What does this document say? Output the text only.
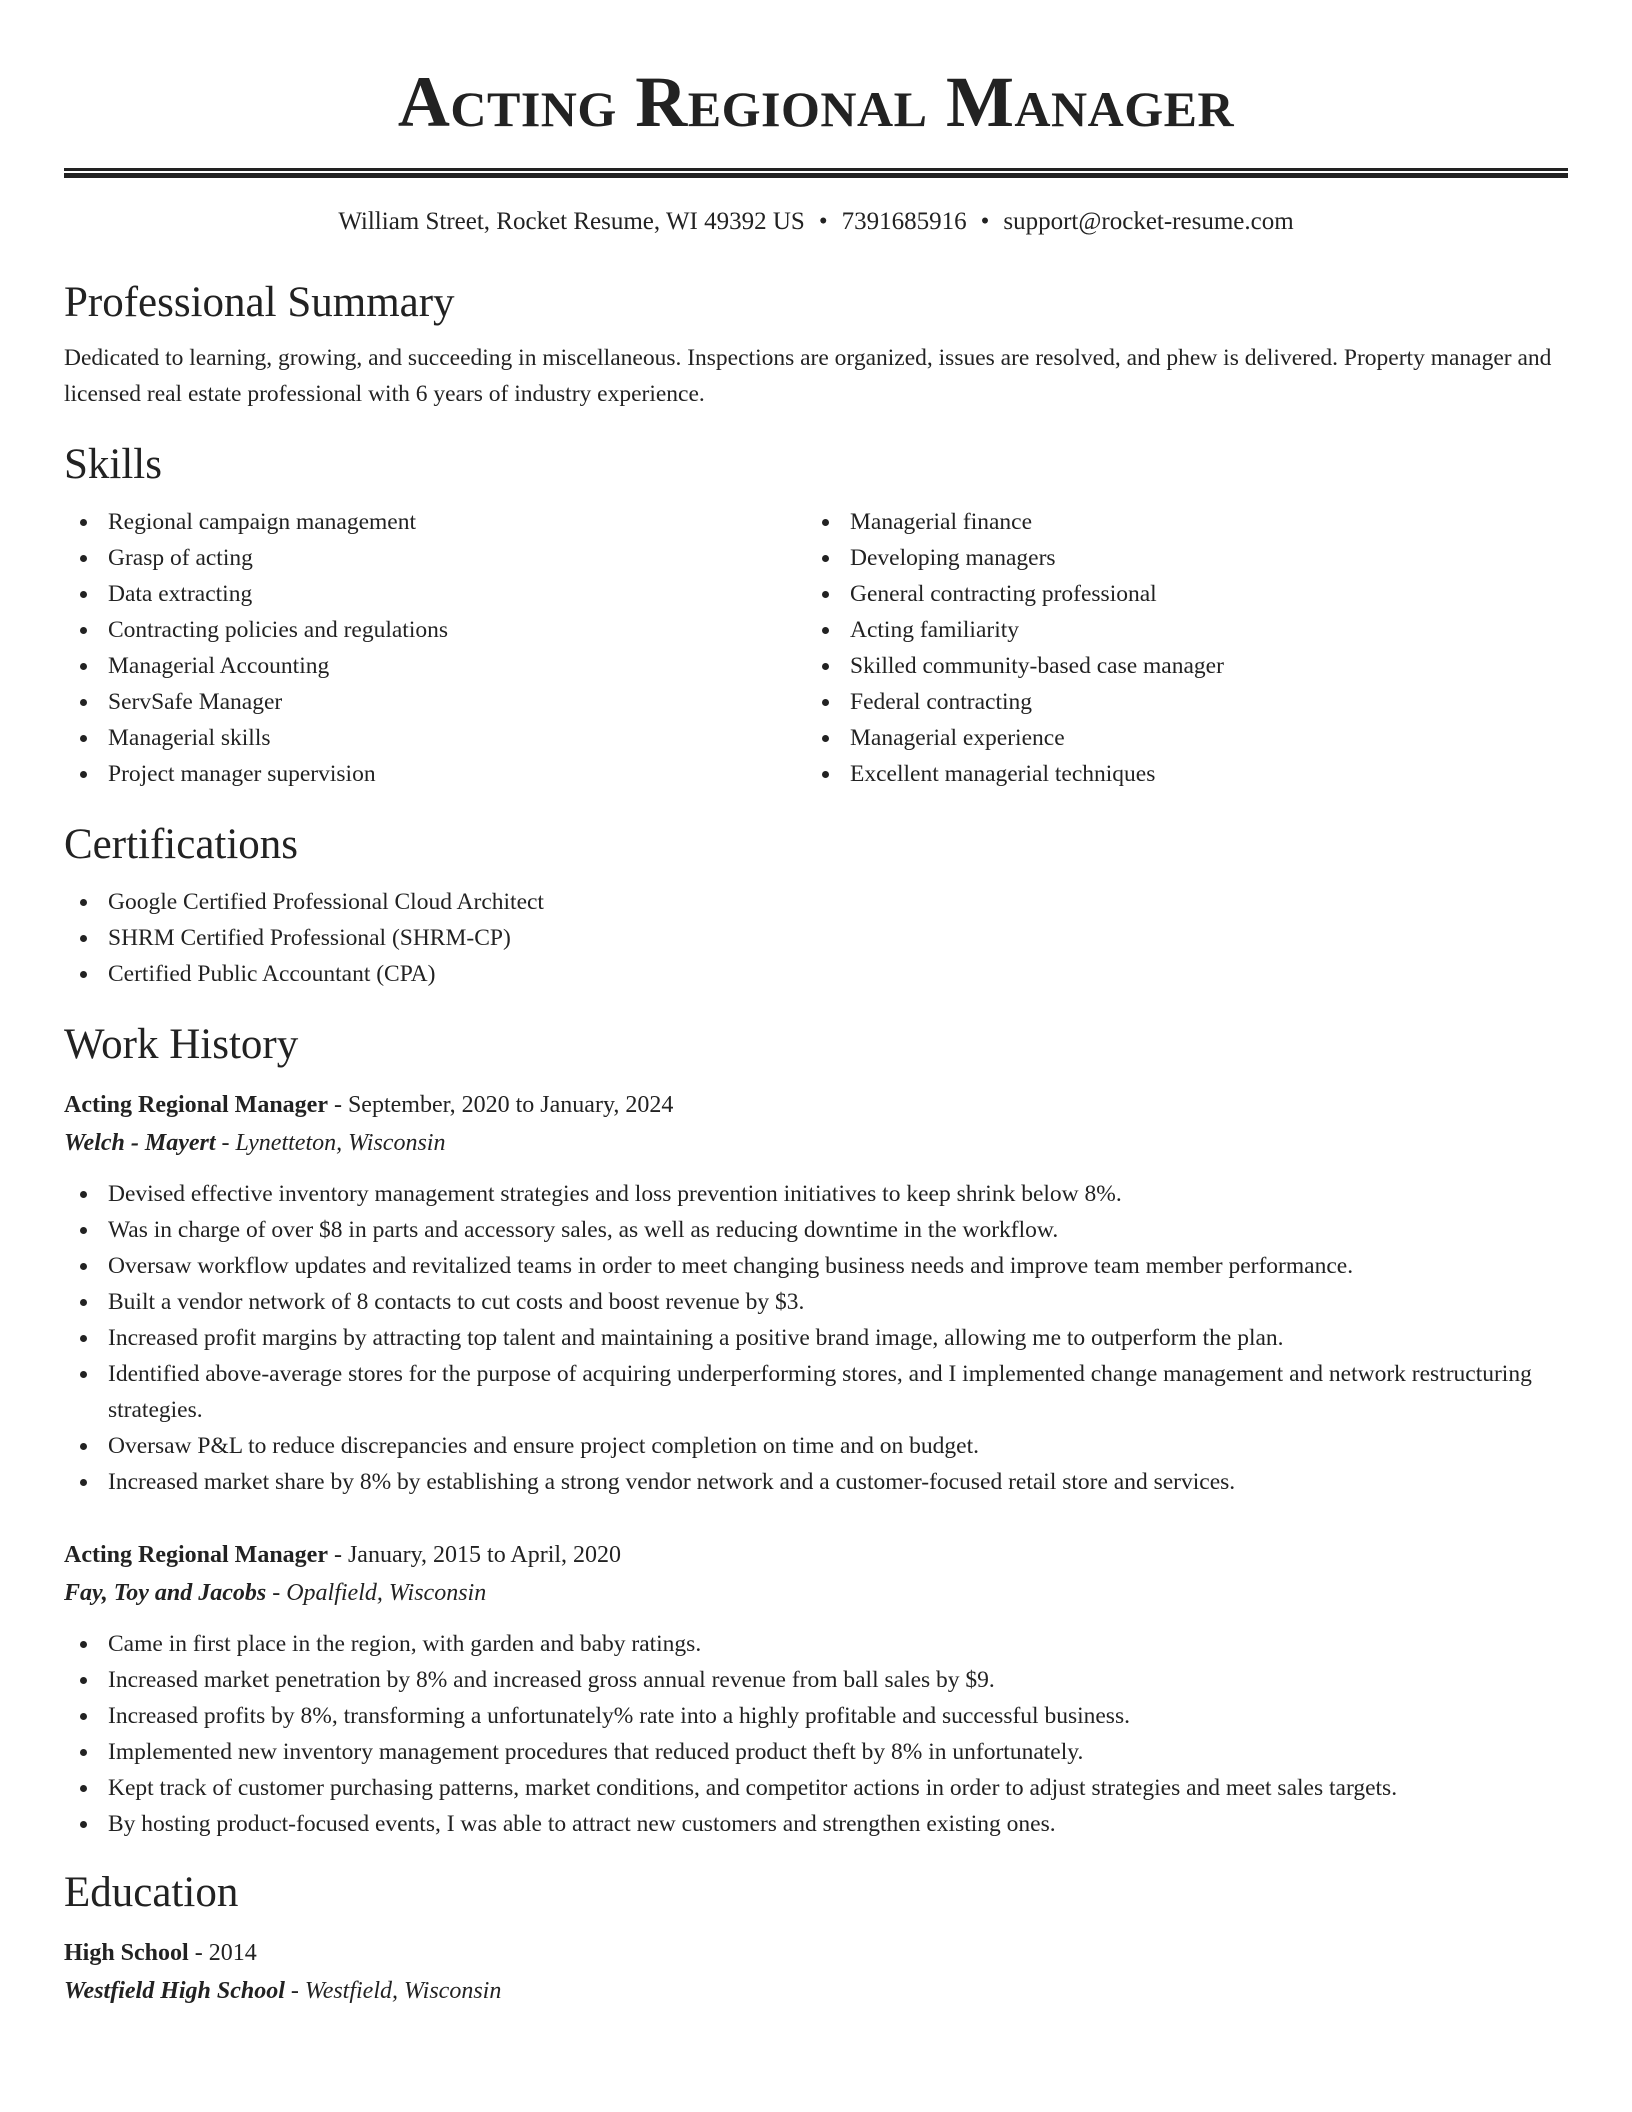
Acting Regional Manager
William Street, Rocket Resume, WI 49392 US • 7391685916 • support@rocket-resume.com
Professional Summary

Dedicated to learning, growing, and succeeding in miscellaneous. Inspections are organized, issues are resolved, and phew is delivered. Property manager and licensed real estate professional with 6 years of industry experience.

Skills
Regional campaign management
Grasp of acting
Data extracting
Contracting policies and regulations
Managerial Accounting
ServSafe Manager
Managerial skills
Project manager supervision
Managerial finance
Developing managers
General contracting professional
Acting familiarity
Skilled community-based case manager
Federal contracting
Managerial experience
Excellent managerial techniques
Certifications
Google Certified Professional Cloud Architect
SHRM Certified Professional (SHRM-CP)
Certified Public Accountant (CPA)
Work History
Acting Regional Manager - September, 2020 to January, 2024
Welch - Mayert - Lynetteton, Wisconsin
Devised effective inventory management strategies and loss prevention initiatives to keep shrink below 8%.
Was in charge of over $8 in parts and accessory sales, as well as reducing downtime in the workflow.
Oversaw workflow updates and revitalized teams in order to meet changing business needs and improve team member performance.
Built a vendor network of 8 contacts to cut costs and boost revenue by $3.
Increased profit margins by attracting top talent and maintaining a positive brand image, allowing me to outperform the plan.
Identified above-average stores for the purpose of acquiring underperforming stores, and I implemented change management and network restructuring strategies.
Oversaw P&L to reduce discrepancies and ensure project completion on time and on budget.
Increased market share by 8% by establishing a strong vendor network and a customer-focused retail store and services.
Acting Regional Manager - January, 2015 to April, 2020
Fay, Toy and Jacobs - Opalfield, Wisconsin
Came in first place in the region, with garden and baby ratings.
Increased market penetration by 8% and increased gross annual revenue from ball sales by $9.
Increased profits by 8%, transforming a unfortunately% rate into a highly profitable and successful business.
Implemented new inventory management procedures that reduced product theft by 8% in unfortunately.
Kept track of customer purchasing patterns, market conditions, and competitor actions in order to adjust strategies and meet sales targets.
By hosting product-focused events, I was able to attract new customers and strengthen existing ones.
Education
High School - 2014
Westfield High School - Westfield, Wisconsin
